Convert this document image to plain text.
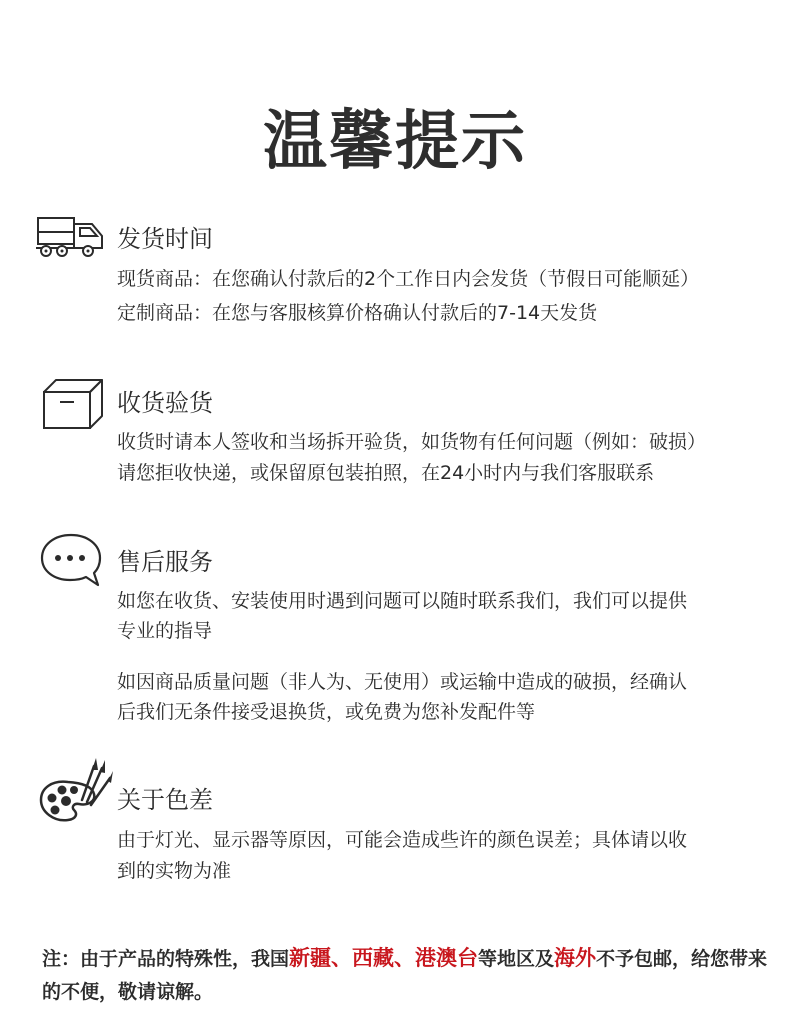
温馨提示
发货时间
现货商品：在您确认付款后的2个工作日内会发货（节假日可能顺延）
定制商品：在您与客服核算价格确认付款后的7-14天发货
收货验货
收货时请本人签收和当场拆开验货，如货物有任何问题（例如：破损）
请您拒收快递，或保留原包装拍照，在24小时内与我们客服联系
售后服务
如您在收货、安装使用时遇到问题可以随时联系我们，我们可以提供
专业的指导
如因商品质量问题（非人为、无使用）或运输中造成的破损，经确认
后我们无条件接受退换货，或免费为您补发配件等
关于色差
由于灯光、显示器等原因，可能会造成些许的颜色误差；具体请以收
到的实物为准
注：由于产品的特殊性，我国新疆、西藏、港澳台等地区及海外不予包邮，给您带来的不便，敬请谅解。
